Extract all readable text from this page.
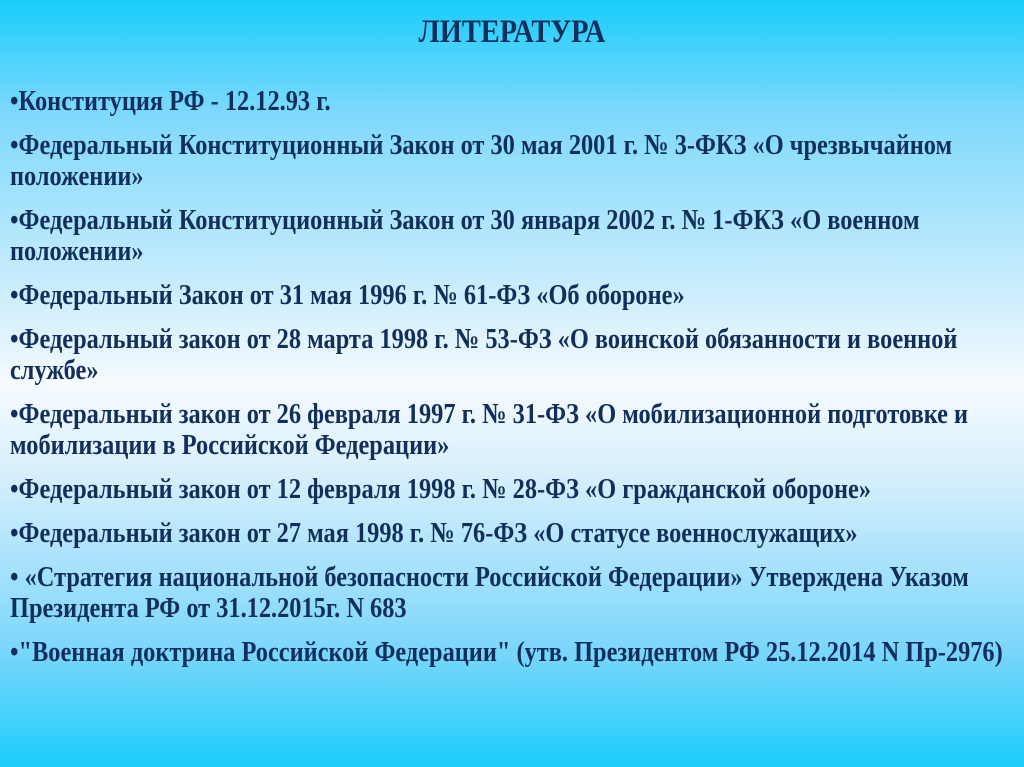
ЛИТЕРАТУРА
•Конституция РФ - 12.12.93 г.
•Федеральный Конституционный Закон от 30 мая 2001 г. № 3-ФКЗ «О чрезвычайном положении»
•Федеральный Конституционный Закон от 30 января 2002 г. № 1-ФКЗ «О военном положении»
•Федеральный Закон от 31 мая 1996 г. № 61-ФЗ «Об обороне»
•Федеральный закон от 28 марта 1998 г. № 53-ФЗ «О воинской обязанности и военной службе»
•Федеральный закон от 26 февраля 1997 г. № 31-ФЗ «О мобилизационной подготовке и мобилизации в Российской Федерации»
•Федеральный закон от 12 февраля 1998 г. № 28-ФЗ «О гражданской обороне»
•Федеральный закон от 27 мая 1998 г. № 76-ФЗ «О статусе военнослужащих»
• «Стратегия национальной безопасности Российской Федерации» Утверждена Указом Президента РФ от 31.12.2015г. N 683
•"Военная доктрина Российской Федерации" (утв. Президентом РФ 25.12.2014 N Пр-2976)
